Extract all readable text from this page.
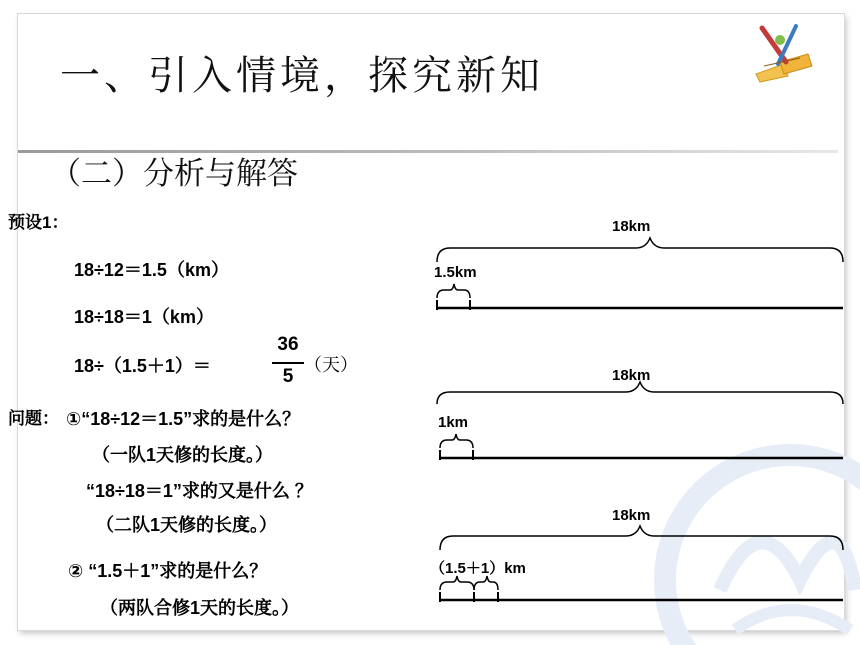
一、引入情境，探究新知
（二）分析与解答
预设1：
18÷12＝1.5（km）
18÷18＝1（km）
18÷（1.5＋1）＝
36
5
（天）
问题： ①“18÷12＝1.5”求的是什么？
（一队1天修的长度。）
“18÷18＝1”求的又是什么 ？
（二队1天修的长度。）
② “1.5＋1”求的是什么？
（两队合修1天的长度。）
18km
1.5km
18km
1km
18km
（1.5＋1）km
